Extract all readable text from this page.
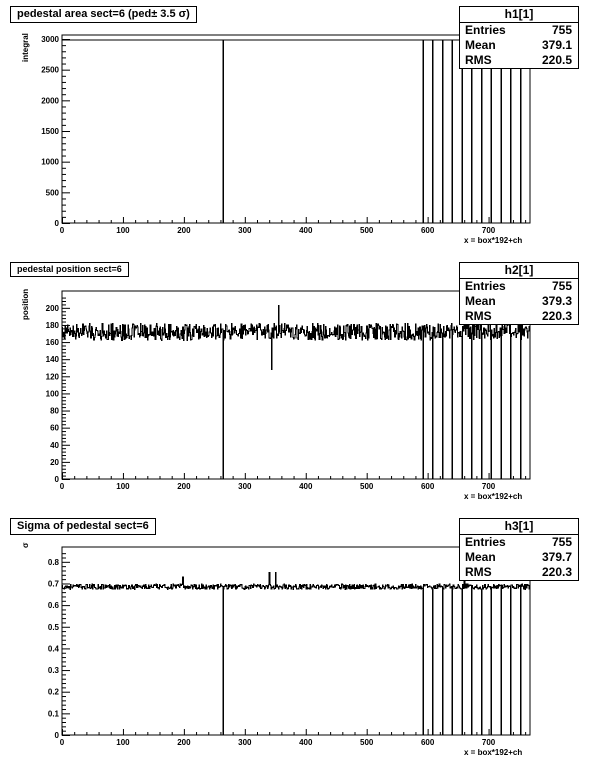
0	100	200	300	400	500	600	700
0
500
1000
1500
2000
2500
3000
pedestal area sect=6 (ped± 3.5 σ)	h1[1]
Entries	755
Mean	379.1
RMS	220.5
integral
x = box*192+ch
0	100	200	300	400	500	600	700
0
20
40
60
80
100
120
140
160
180
200
pedestal position sect=6	h2[1]
Entries	755
Mean	379.3
RMS	220.3
position
x = box*192+ch
0	100	200	300	400	500	600	700
0
0.1
0.2
0.3
0.4
0.5
0.6
0.7
0.8
Sigma of pedestal sect=6	h3[1]
Entries	755
Mean	379.7
RMS	220.3
σ
x = box*192+ch
